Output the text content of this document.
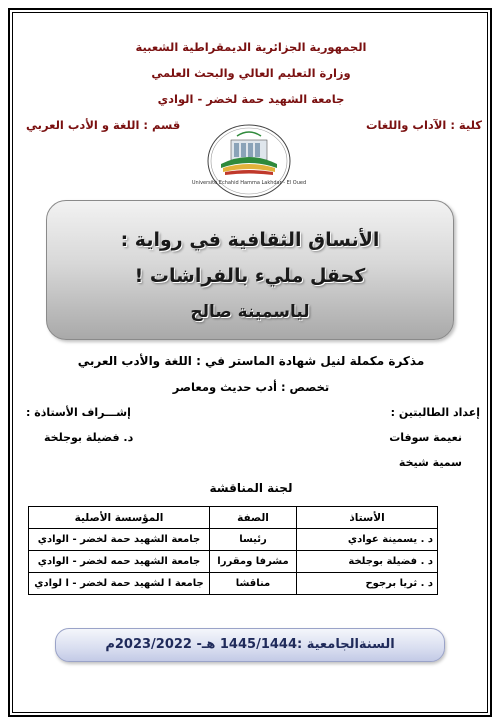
الجمهورية الجزائرية الديمقراطية الشعبية
وزارة التعليم العالي والبحث العلمي
جامعة الشهيد حمة لخضر - الوادي
كلية : الآداب واللغات
قسم : اللغة و الأدب العربي
Université Echahid Hamma Lakhdar - El Oued
الأنساق الثقافية في رواية :
كحقل مليء بالفراشات !
لياسمينة صالح
مذكرة مكملة لنيل شهادة الماستر في : اللغة والأدب العربي
تخصص : أدب حديث ومعاصر
إعداد الطالبتين :
إشـــراف الأستاذة :
نعيمة سوفات
د. فضيلة بوجلخة
سمية شيخة
لجنة المناقشة
الأستاذ	الصفة	المؤسسة الأصلية
د . يسمينة عوادي	رئيسا	جامعة الشهيد حمة لخضر - الوادي
د . فضيلة بوجلخة	مشرفا ومقررا	جامعة الشهيد حمه لخضر - الوادي
د . ثريا برجوح	مناقشا	جامعة ا لشهيد حمة لخضر - ا لوادي
السنةالجامعية :1445/1444 هـ- 2023/2022م
